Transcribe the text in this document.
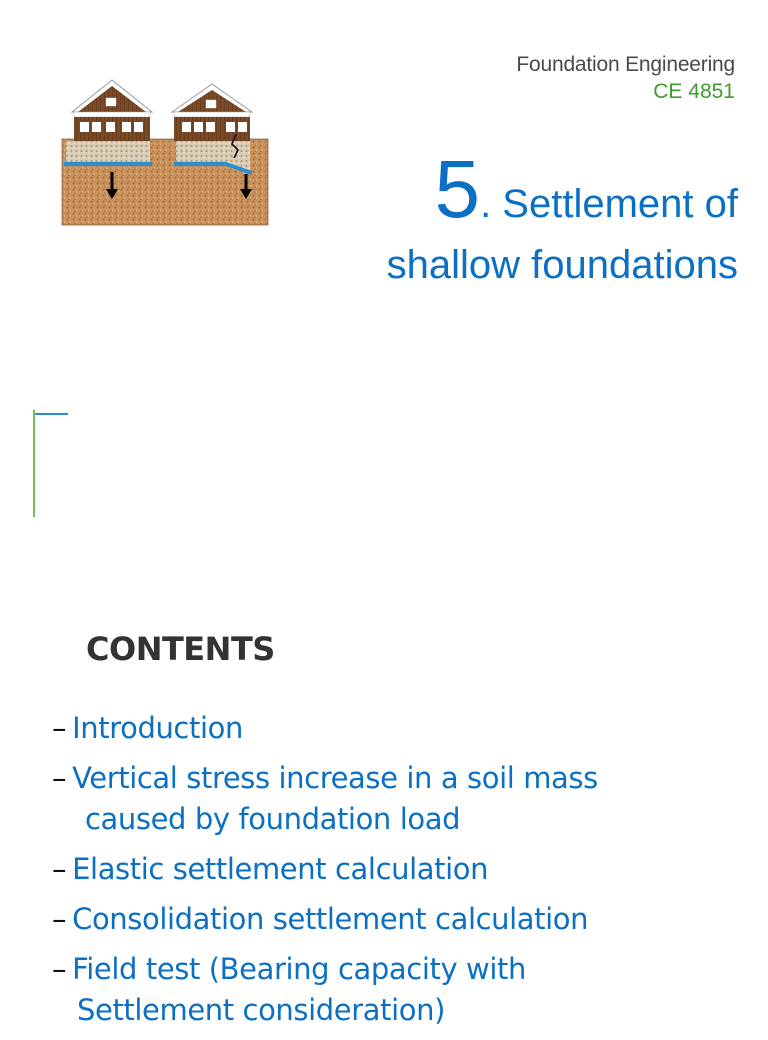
Foundation Engineering
CE 4851
5 . Settlement of
shallow foundations
CONTENTS
– Introduction
– Vertical stress increase in a soil mass
caused by foundation load
– Elastic settlement calculation
– Consolidation settlement calculation
– Field test (Bearing capacity with
Settlement consideration)
